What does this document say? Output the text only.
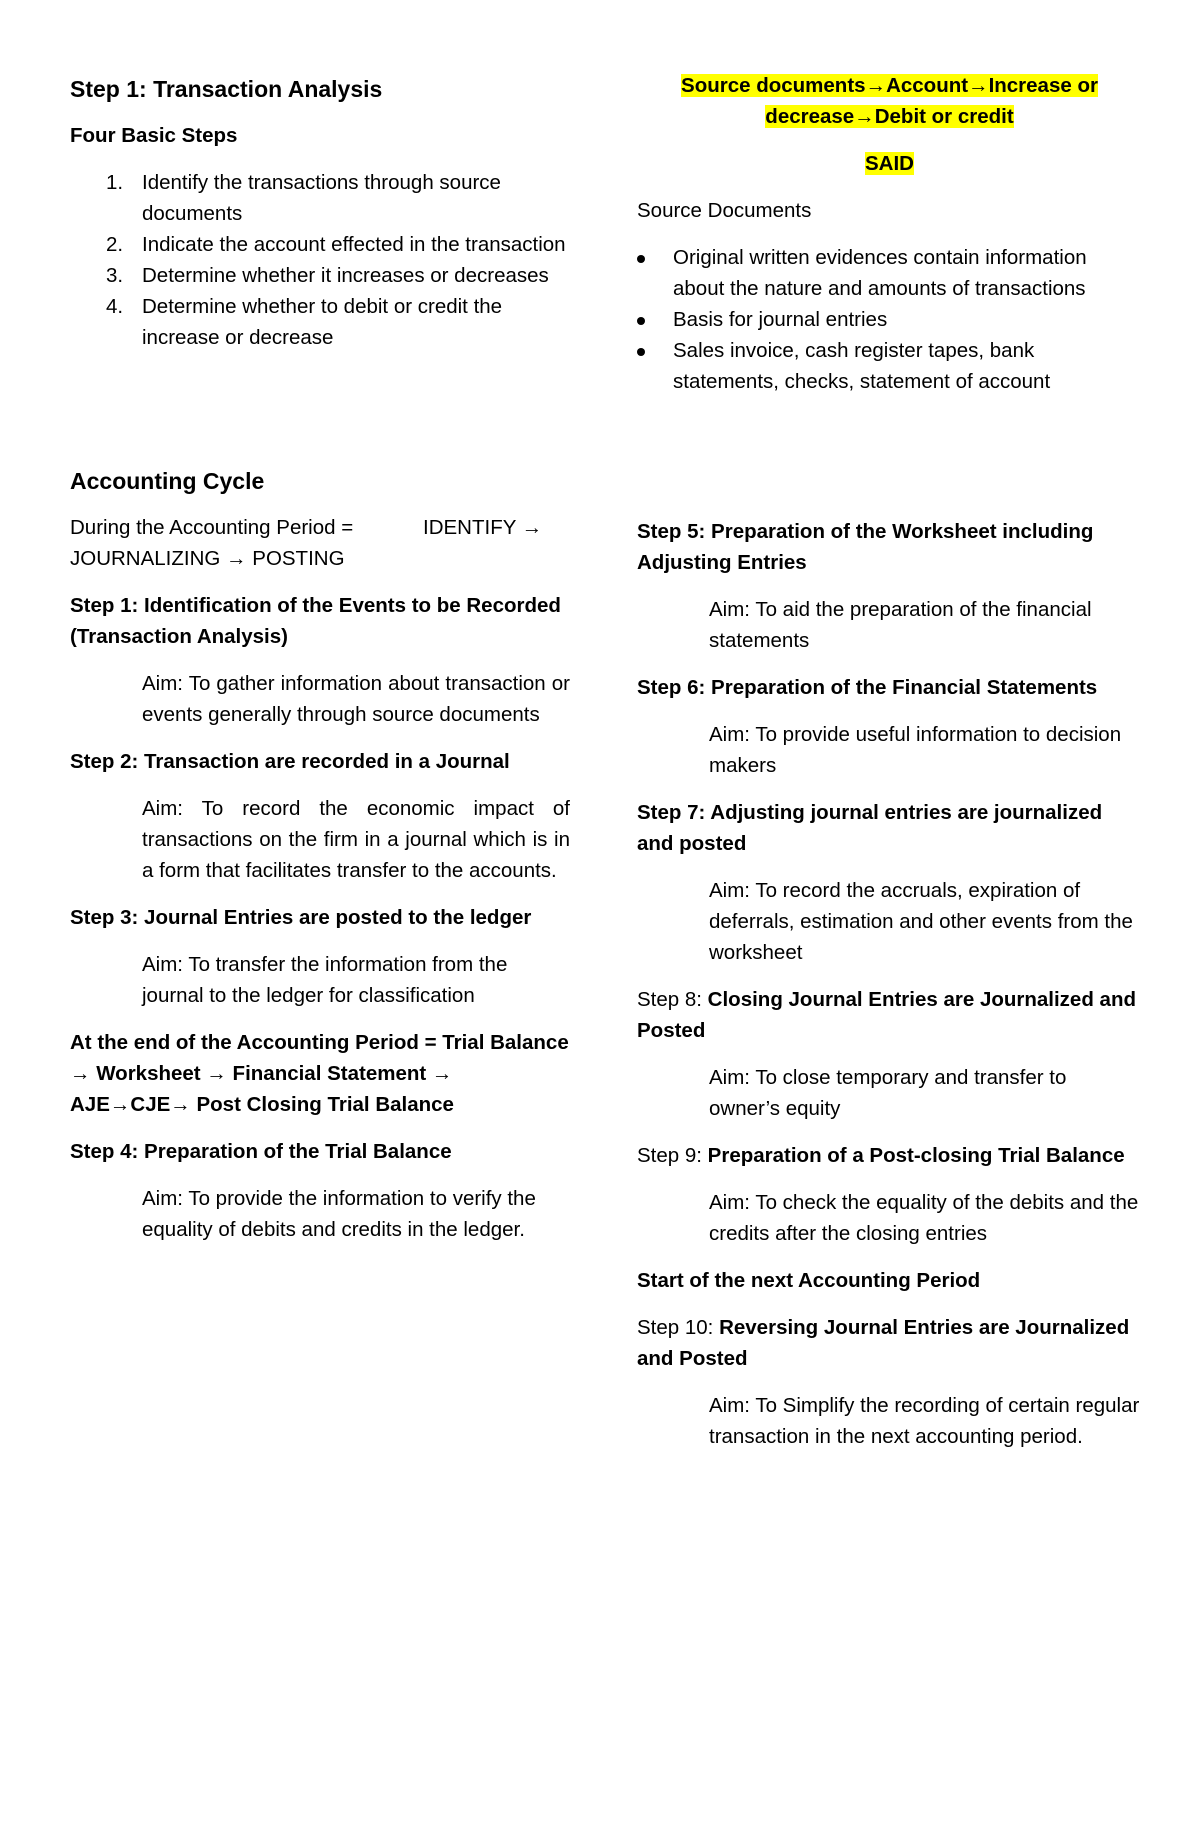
Step 1: Transaction Analysis

Four Basic Steps

1. Identify the transactions through source documents
2. Indicate the account effected in the transaction
3. Determine whether it increases or decreases
4. Determine whether to debit or credit the increase or decrease

Accounting Cycle

During the Accounting Period =	IDENTIFY →

JOURNALIZING → POSTING

Step 1: Identification of the Events to be Recorded (Transaction Analysis)

Aim: To gather information about transaction or events generally through source documents

Step 2: Transaction are recorded in a Journal

Aim: To record the economic impact of transactions on the firm in a journal which is in a form that facilitates transfer to the accounts.

Step 3: Journal Entries are posted to the ledger

Aim: To transfer the information from the journal to the ledger for classification

At the end of the Accounting Period = Trial Balance → Worksheet → Financial Statement → AJE→CJE→ Post Closing Trial Balance

Step 4: Preparation of the Trial Balance

Aim: To provide the information to verify the equality of debits and credits in the ledger.

Source documents→Account→Increase or decrease→Debit or credit

SAID

Source Documents

Original written evidences contain information about the nature and amounts of transactions
Basis for journal entries
Sales invoice, cash register tapes, bank statements, checks, statement of account

Step 5: Preparation of the Worksheet including Adjusting Entries

Aim: To aid the preparation of the financial statements

Step 6: Preparation of the Financial Statements

Aim: To provide useful information to decision makers

Step 7: Adjusting journal entries are journalized and posted

Aim: To record the accruals, expiration of deferrals, estimation and other events from the worksheet

Step 8: Closing Journal Entries are Journalized and Posted

Aim: To close temporary and transfer to owner’s equity

Step 9: Preparation of a Post-closing Trial Balance

Aim: To check the equality of the debits and the credits after the closing entries

Start of the next Accounting Period

Step 10: Reversing Journal Entries are Journalized and Posted

Aim: To Simplify the recording of certain regular transaction in the next accounting period.
